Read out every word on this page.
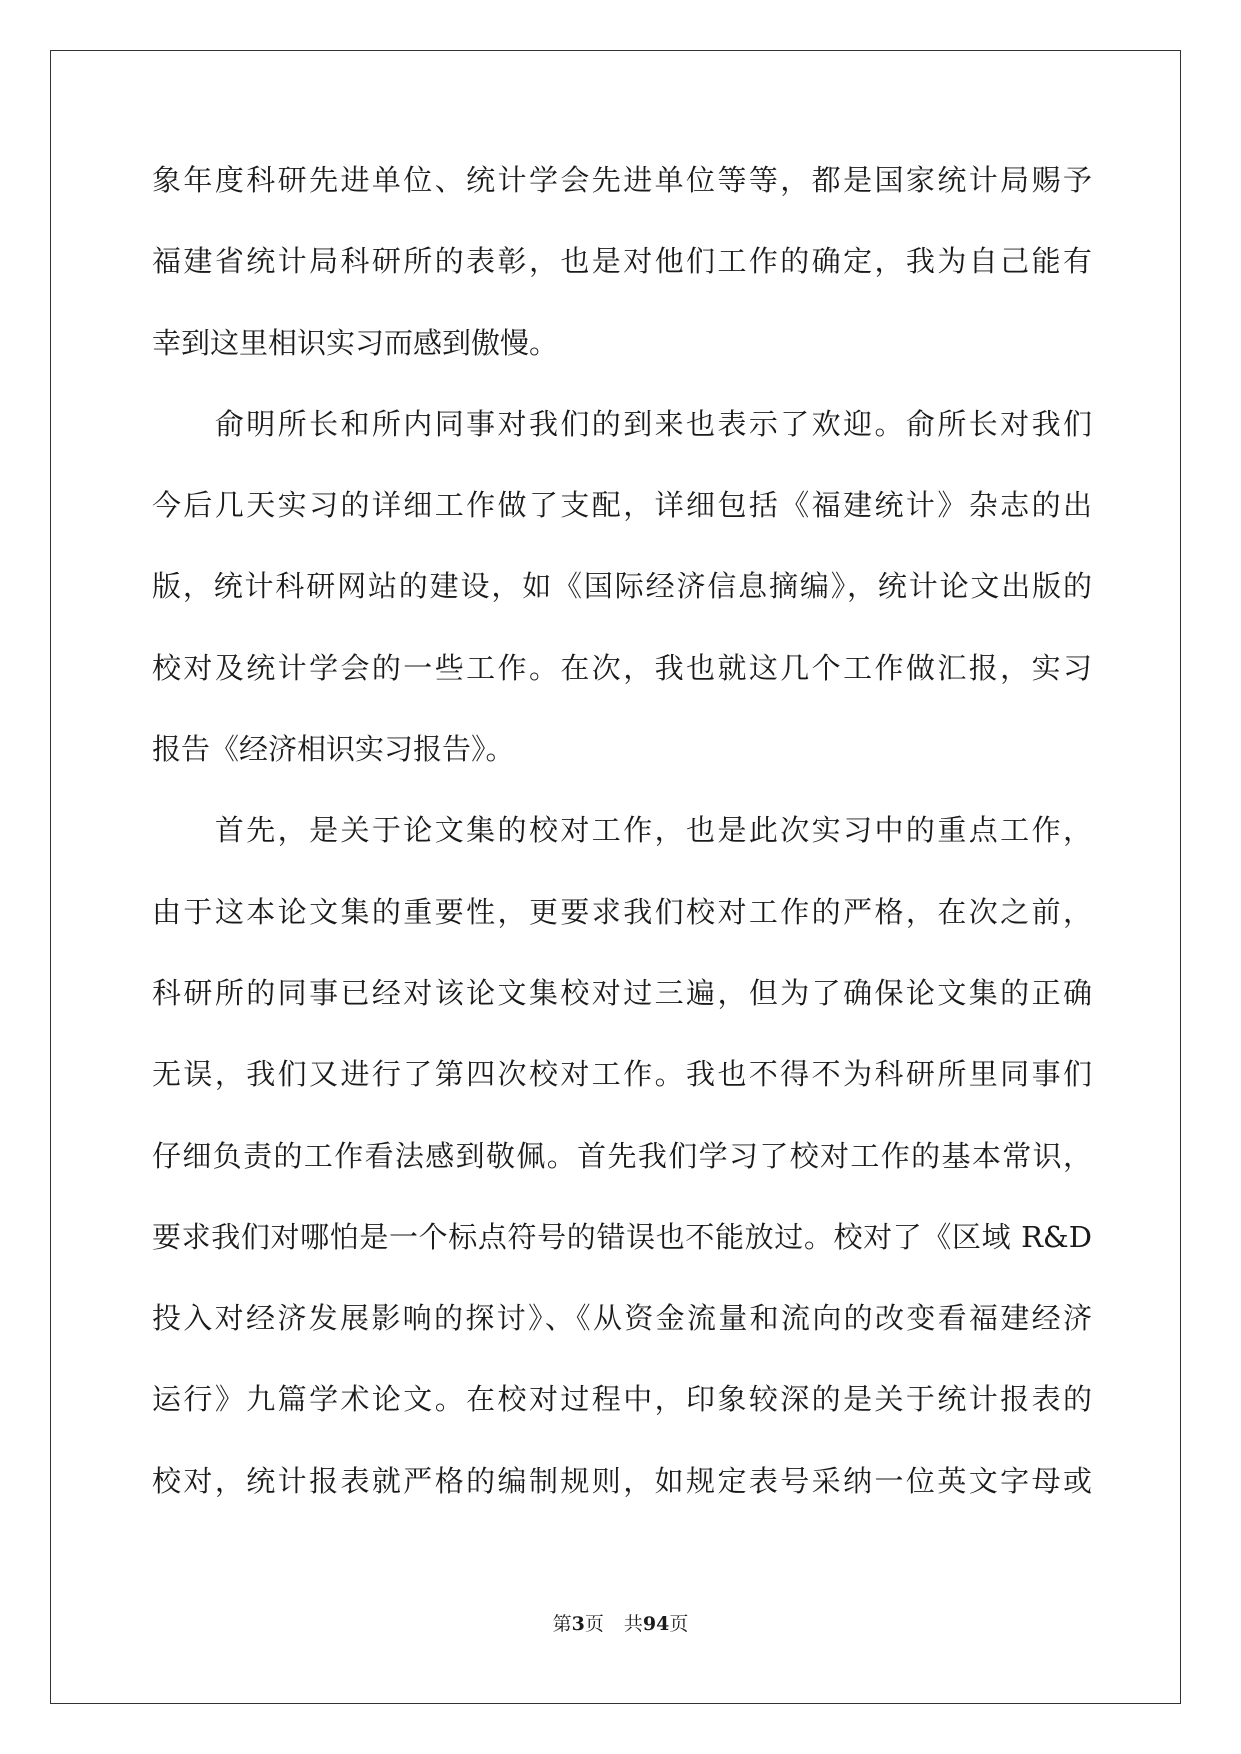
象年度科研先进单位、统计学会先进单位等等，都是国家统计局赐予
福建省统计局科研所的表彰，也是对他们工作的确定，我为自己能有
幸到这里相识实习而感到傲慢。
　　俞明所长和所内同事对我们的到来也表示了欢迎。俞所长对我们
今后几天实习的详细工作做了支配，详细包括《福建统计》杂志的出
版，统计科研网站的建设，如《国际经济信息摘编》，统计论文出版的
校对及统计学会的一些工作。在次，我也就这几个工作做汇报，实习
报告《经济相识实习报告》。
　　首先，是关于论文集的校对工作，也是此次实习中的重点工作，
由于这本论文集的重要性，更要求我们校对工作的严格，在次之前，
科研所的同事已经对该论文集校对过三遍，但为了确保论文集的正确
无误，我们又进行了第四次校对工作。我也不得不为科研所里同事们
仔细负责的工作看法感到敬佩。首先我们学习了校对工作的基本常识，
要求我们对哪怕是一个标点符号的错误也不能放过。校对了《区域 R&D
投入对经济发展影响的探讨》、《从资金流量和流向的改变看福建经济
运行》九篇学术论文。在校对过程中，印象较深的是关于统计报表的
校对，统计报表就严格的编制规则，如规定表号采纳一位英文字母或
第3页 共94页
